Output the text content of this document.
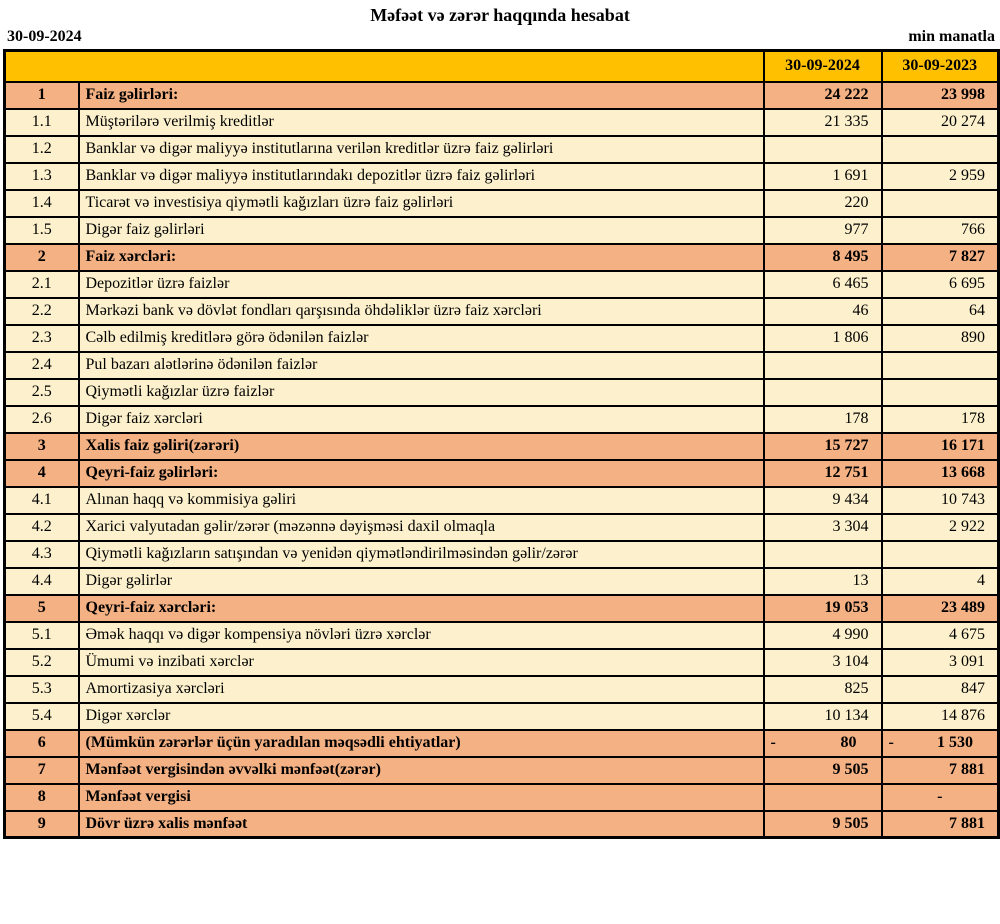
Məfəət və zərər haqqında hesabat
30-09-2024	min manatla
		30-09-2024	30-09-2023
1	Faiz gəlirləri:	24 222	23 998
1.1	Müştərilərə verilmiş kreditlər	21 335	20 274
1.2	Banklar və digər maliyyə institutlarına verilən kreditlər üzrə faiz gəlirləri		
1.3	Banklar və digər maliyyə institutlarındakı depozitlər üzrə faiz gəlirləri	1 691	2 959
1.4	Ticarət və investisiya qiymətli kağızları üzrə faiz gəlirləri	220	
1.5	Digər faiz gəlirləri	977	766
2	Faiz xərcləri:	8 495	7 827
2.1	Depozitlər üzrə faizlər	6 465	6 695
2.2	Mərkəzi bank və dövlət fondları qarşısında öhdəliklər üzrə faiz xərcləri	46	64
2.3	Cəlb edilmiş kreditlərə görə ödənilən faizlər	1 806	890
2.4	Pul bazarı alətlərinə ödənilən faizlər		
2.5	Qiymətli kağızlar üzrə faizlər		
2.6	Digər faiz xərcləri	178	178
3	Xalis faiz gəliri(zərəri)	15 727	16 171
4	Qeyri-faiz gəlirləri:	12 751	13 668
4.1	Alınan haqq və kommisiya gəliri	9 434	10 743
4.2	Xarici valyutadan gəlir/zərər (məzənnə dəyişməsi daxil olmaqla	3 304	2 922
4.3	Qiymətli kağızların satışından və yenidən qiymətləndirilməsindən gəlir/zərər		
4.4	Digər gəlirlər	13	4
5	Qeyri-faiz xərcləri:	19 053	23 489
5.1	Əmək haqqı və digər kompensiya növləri üzrə xərclər	4 990	4 675
5.2	Ümumi və inzibati xərclər	3 104	3 091
5.3	Amortizasiya xərcləri	825	847
5.4	Digər xərclər	10 134	14 876
6	(Mümkün zərərlər üçün yaradılan məqsədli ehtiyatlar)	- 80	- 1 530
7	Mənfəət vergisindən əvvəlki mənfəət(zərər)	9 505	7 881
8	Mənfəət vergisi		-
9	Dövr üzrə xalis mənfəət	9 505	7 881
